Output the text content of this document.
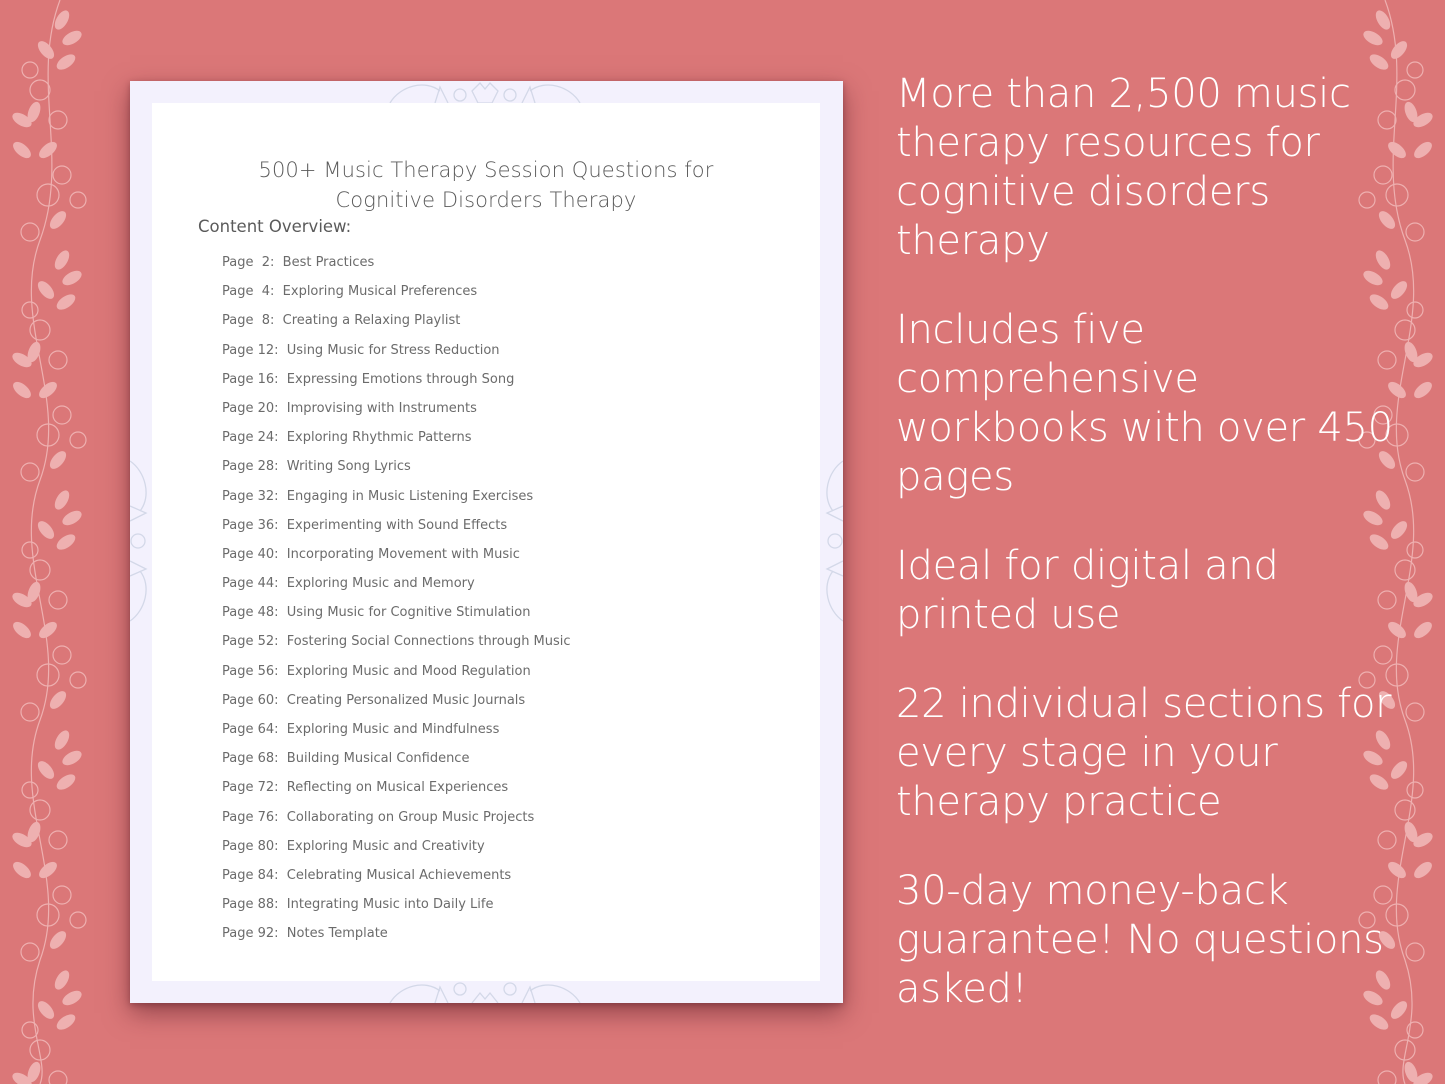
500+ Music Therapy Session Questions for
Cognitive Disorders Therapy
Content Overview:
Page  2: Best Practices
Page  4: Exploring Musical Preferences
Page  8: Creating a Relaxing Playlist
Page 12: Using Music for Stress Reduction
Page 16: Expressing Emotions through Song
Page 20: Improvising with Instruments
Page 24: Exploring Rhythmic Patterns
Page 28: Writing Song Lyrics
Page 32: Engaging in Music Listening Exercises
Page 36: Experimenting with Sound Effects
Page 40: Incorporating Movement with Music
Page 44: Exploring Music and Memory
Page 48: Using Music for Cognitive Stimulation
Page 52: Fostering Social Connections through Music
Page 56: Exploring Music and Mood Regulation
Page 60: Creating Personalized Music Journals
Page 64: Exploring Music and Mindfulness
Page 68: Building Musical Confidence
Page 72: Reflecting on Musical Experiences
Page 76: Collaborating on Group Music Projects
Page 80: Exploring Music and Creativity
Page 84: Celebrating Musical Achievements
Page 88: Integrating Music into Daily Life
Page 92: Notes Template
More than 2,500 music therapy resources for cognitive disorders therapy
Includes five comprehensive workbooks with over 450 pages
Ideal for digital and printed use
22 individual sections for every stage in your therapy practice
30-day money-back guarantee! No questions asked!
